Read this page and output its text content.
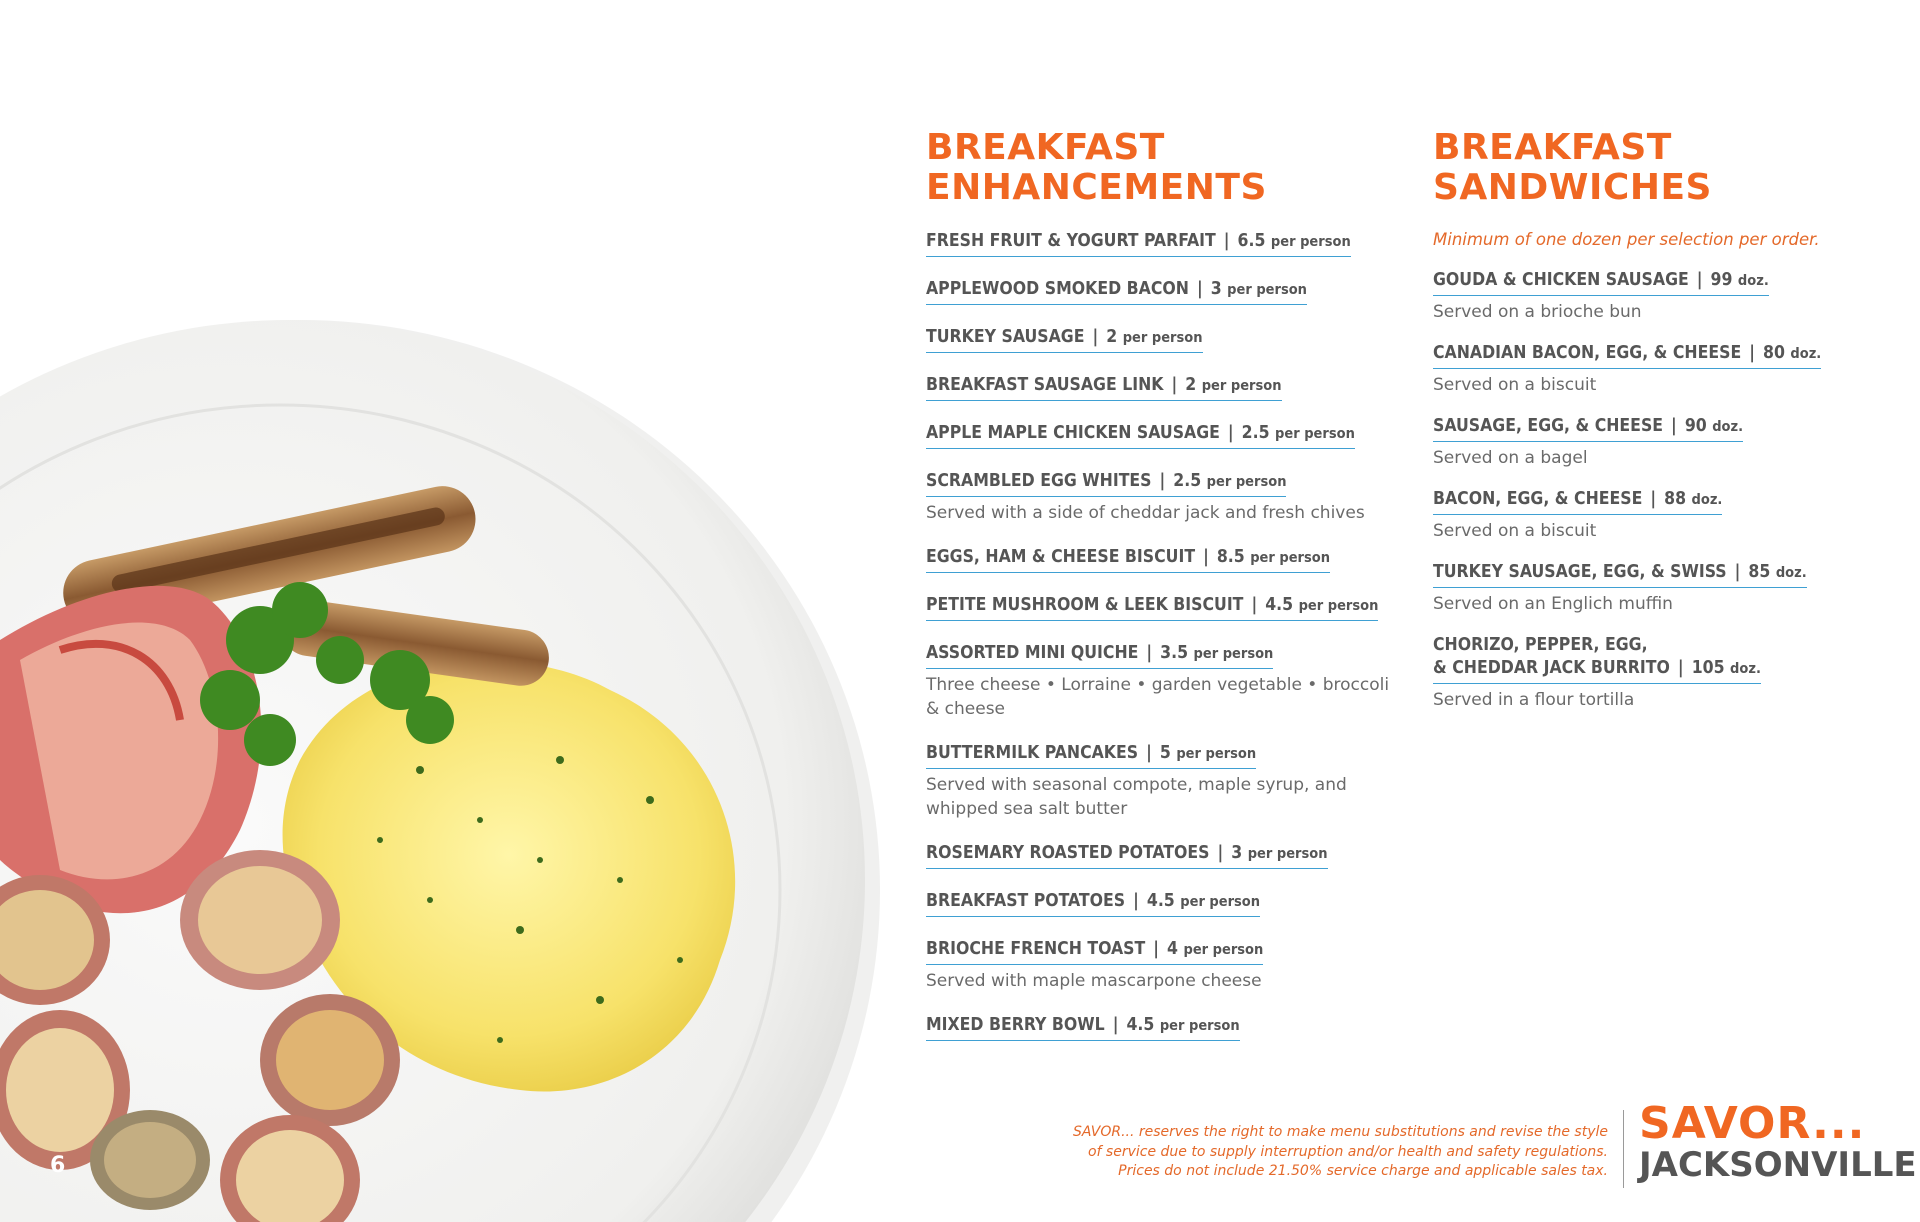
6
BREAKFAST
ENHANCEMENTS
FRESH FRUIT & YOGURT PARFAIT | 6.5 per person
APPLEWOOD SMOKED BACON | 3 per person
TURKEY SAUSAGE | 2 per person
BREAKFAST SAUSAGE LINK | 2 per person
APPLE MAPLE CHICKEN SAUSAGE | 2.5 per person
SCRAMBLED EGG WHITES | 2.5 per person
Served with a side of cheddar jack and fresh chives
EGGS, HAM & CHEESE BISCUIT | 8.5 per person
PETITE MUSHROOM & LEEK BISCUIT | 4.5 per person
ASSORTED MINI QUICHE | 3.5 per person
Three cheese • Lorraine • garden vegetable • broccoli & cheese
BUTTERMILK PANCAKES | 5 per person
Served with seasonal compote, maple syrup, and whipped sea salt butter
ROSEMARY ROASTED POTATOES | 3 per person
BREAKFAST POTATOES | 4.5 per person
BRIOCHE FRENCH TOAST | 4 per person
Served with maple mascarpone cheese
MIXED BERRY BOWL | 4.5 per person
BREAKFAST
SANDWICHES
Minimum of one dozen per selection per order.
GOUDA & CHICKEN SAUSAGE | 99 doz.
Served on a brioche bun
CANADIAN BACON, EGG, & CHEESE | 80 doz.
Served on a biscuit
SAUSAGE, EGG, & CHEESE | 90 doz.
Served on a bagel
BACON, EGG, & CHEESE | 88 doz.
Served on a biscuit
TURKEY SAUSAGE, EGG, & SWISS | 85 doz.
Served on an Englich muffin
CHORIZO, PEPPER, EGG,
& CHEDDAR JACK BURRITO | 105 doz.
Served in a flour tortilla
SAVOR... reserves the right to make menu substitutions and revise the style
of service due to supply interruption and/or health and safety regulations.
Prices do not include 21.50% service charge and applicable sales tax.
SAVOR...
JACKSONVILLE
